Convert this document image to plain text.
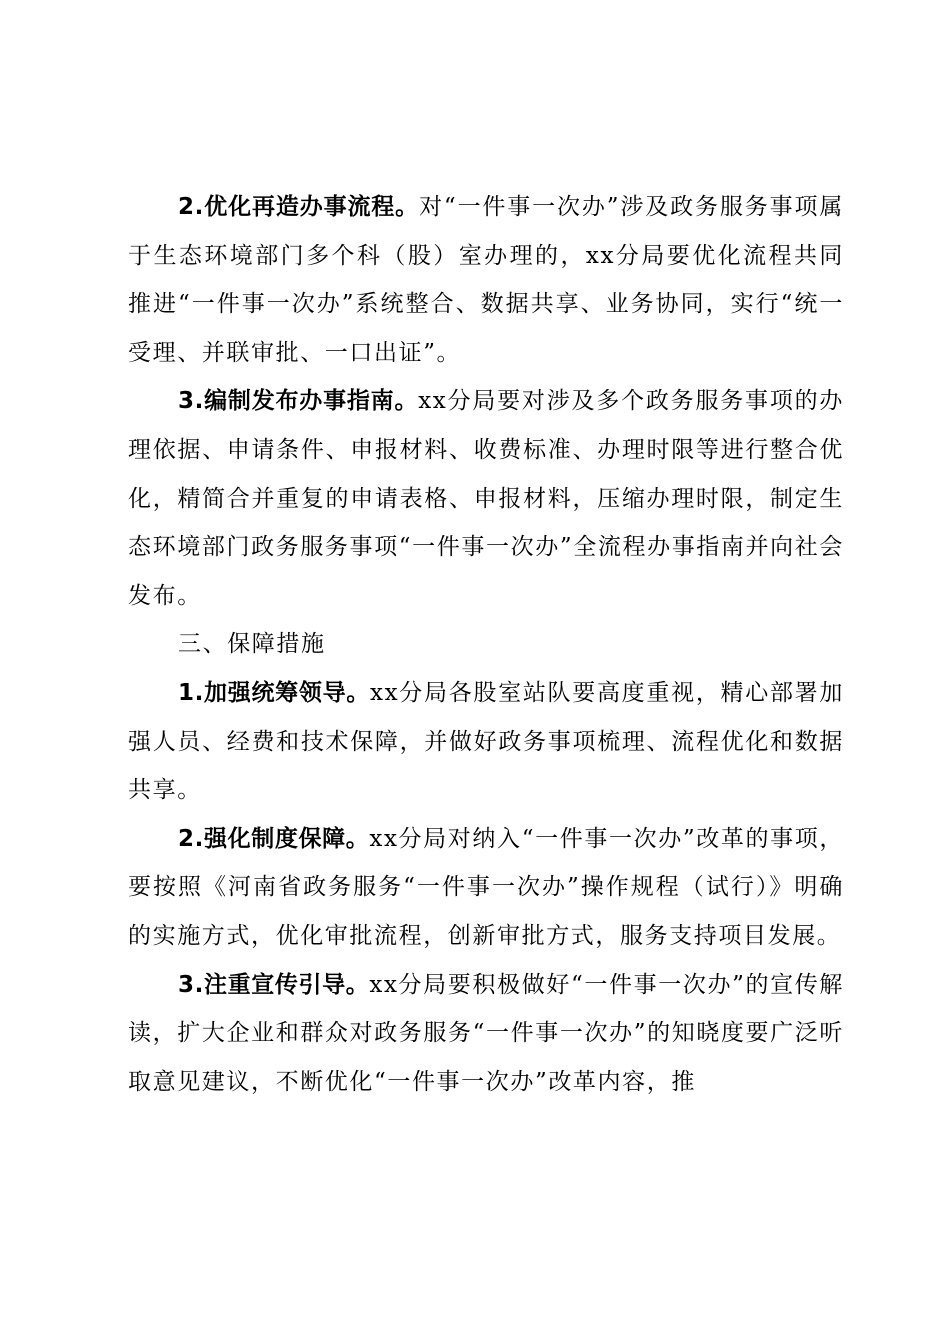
2.优化再造办事流程。对“一件事一次办”涉及政务服务事项属于生态环境部门多个科（股）室办理的，xx分局要优化流程共同推进“一件事一次办”系统整合、数据共享、业务协同，实行“统一受理、并联审批、一口出证”。

3.编制发布办事指南。xx分局要对涉及多个政务服务事项的办理依据、申请条件、申报材料、收费标准、办理时限等进行整合优化，精简合并重复的申请表格、申报材料，压缩办理时限，制定生态环境部门政务服务事项“一件事一次办”全流程办事指南并向社会发布。

三、保障措施

1.加强统筹领导。xx分局各股室站队要高度重视，精心部署加强人员、经费和技术保障，并做好政务事项梳理、流程优化和数据共享。

2.强化制度保障。xx分局对纳入“一件事一次办”改革的事项，要按照《河南省政务服务“一件事一次办”操作规程（试行）》明确的实施方式，优化审批流程，创新审批方式，服务支持项目发展。

3.注重宣传引导。xx分局要积极做好“一件事一次办”的宣传解读，扩大企业和群众对政务服务“一件事一次办”的知晓度要广泛听取意见建议，不断优化“一件事一次办”改革内容，推
